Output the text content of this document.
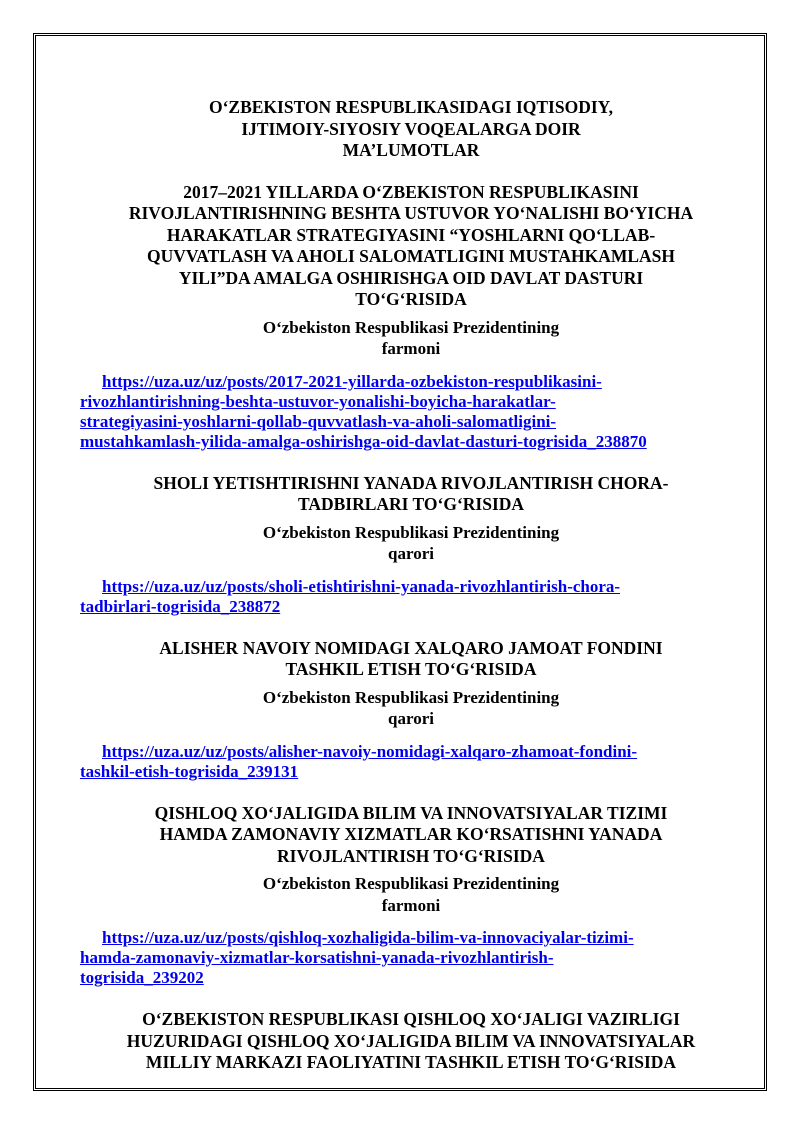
O‘ZBEKISTON RESPUBLIKASIDAGI IQTISODIY,

IJTIMOIY-SIYOSIY VOQEALARGA DOIR

MA’LUMOTLAR

2017–2021 YILLARDA O‘ZBEKISTON RESPUBLIKASINI

RIVOJLANTIRISHNING BESHTA USTUVOR YO‘NALISHI BO‘YICHA

HARAKATLAR STRATEGIYASINI “YOSHLARNI QO‘LLAB-

QUVVATLASH VA AHOLI SALOMATLIGINI MUSTAHKAMLASH

YILI”DA AMALGA OSHIRISHGA OID DAVLAT DASTURI

TO‘G‘RISIDA

O‘zbekiston Respublikasi Prezidentining

farmoni

https://uza.uz/uz/posts/2017-2021-yillarda-ozbekiston-respublikasini-
rivozhlantirishning-beshta-ustuvor-yonalishi-boyicha-harakatlar-
strategiyasini-yoshlarni-qollab-quvvatlash-va-aholi-salomatligini-
mustahkamlash-yilida-amalga-oshirishga-oid-davlat-dasturi-togrisida_238870

SHOLI YETISHTIRISHNI YANADA RIVOJLANTIRISH CHORA-

TADBIRLARI TO‘G‘RISIDA

O‘zbekiston Respublikasi Prezidentining

qarori

https://uza.uz/uz/posts/sholi-etishtirishni-yanada-rivozhlantirish-chora-
tadbirlari-togrisida_238872

ALISHER NAVOIY NOMIDAGI XALQARO JAMOAT FONDINI

TASHKIL ETISH TO‘G‘RISIDA

O‘zbekiston Respublikasi Prezidentining

qarori

https://uza.uz/uz/posts/alisher-navoiy-nomidagi-xalqaro-zhamoat-fondini-
tashkil-etish-togrisida_239131

QISHLOQ XO‘JALIGIDA BILIM VA INNOVATSIYALAR TIZIMI

HAMDA ZAMONAVIY XIZMATLAR KO‘RSATISHNI YANADA

RIVOJLANTIRISH TO‘G‘RISIDA

O‘zbekiston Respublikasi Prezidentining

farmoni

https://uza.uz/uz/posts/qishloq-xozhaligida-bilim-va-innovaciyalar-tizimi-
hamda-zamonaviy-xizmatlar-korsatishni-yanada-rivozhlantirish-
togrisida_239202

O‘ZBEKISTON RESPUBLIKASI QISHLOQ XO‘JALIGI VAZIRLIGI

HUZURIDAGI QISHLOQ XO‘JALIGIDA BILIM VA INNOVATSIYALAR

MILLIY MARKAZI FAOLIYATINI TASHKIL ETISH TO‘G‘RISIDA
